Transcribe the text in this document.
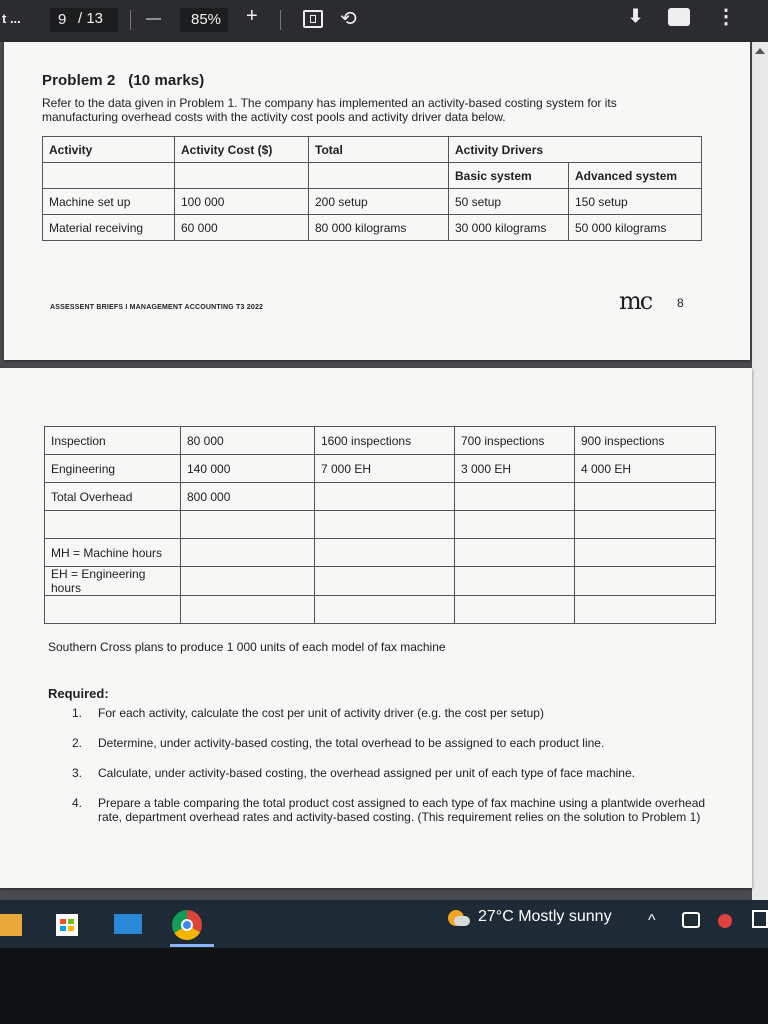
t ... 9 / 13	— 85% +	⟲	⬇	⋮
Problem 2 (10 marks)
Refer to the data given in Problem 1. The company has implemented an activity-based costing system for its manufacturing overhead costs with the activity cost pools and activity driver data below.
Activity	Activity Cost ($)	Total	Activity Drivers	
			Basic system	Advanced system
Machine set up	100 000	200 setup	50 setup	150 setup
Material receiving	60 000	80 000 kilograms	30 000 kilograms	50 000 kilograms
ASSESSENT BRIEFS I MANAGEMENT ACCOUNTING T3 2022	mc 8
Inspection	80 000	1600 inspections	700 inspections	900 inspections
Engineering	140 000	7 000 EH	3 000 EH	4 000 EH
Total Overhead	800 000			

MH = Machine hours				
EH = Engineering hours				

Southern Cross plans to produce 1 000 units of each model of fax machine
Required:
1. For each activity, calculate the cost per unit of activity driver (e.g. the cost per setup)
2. Determine, under activity-based costing, the total overhead to be assigned to each product line.
3. Calculate, under activity-based costing, the overhead assigned per unit of each type of face machine.
4. Prepare a table comparing the total product cost assigned to each type of fax machine using a plantwide overhead rate, department overhead rates and activity-based costing. (This requirement relies on the solution to Problem 1)
^
27°C Mostly sunny
